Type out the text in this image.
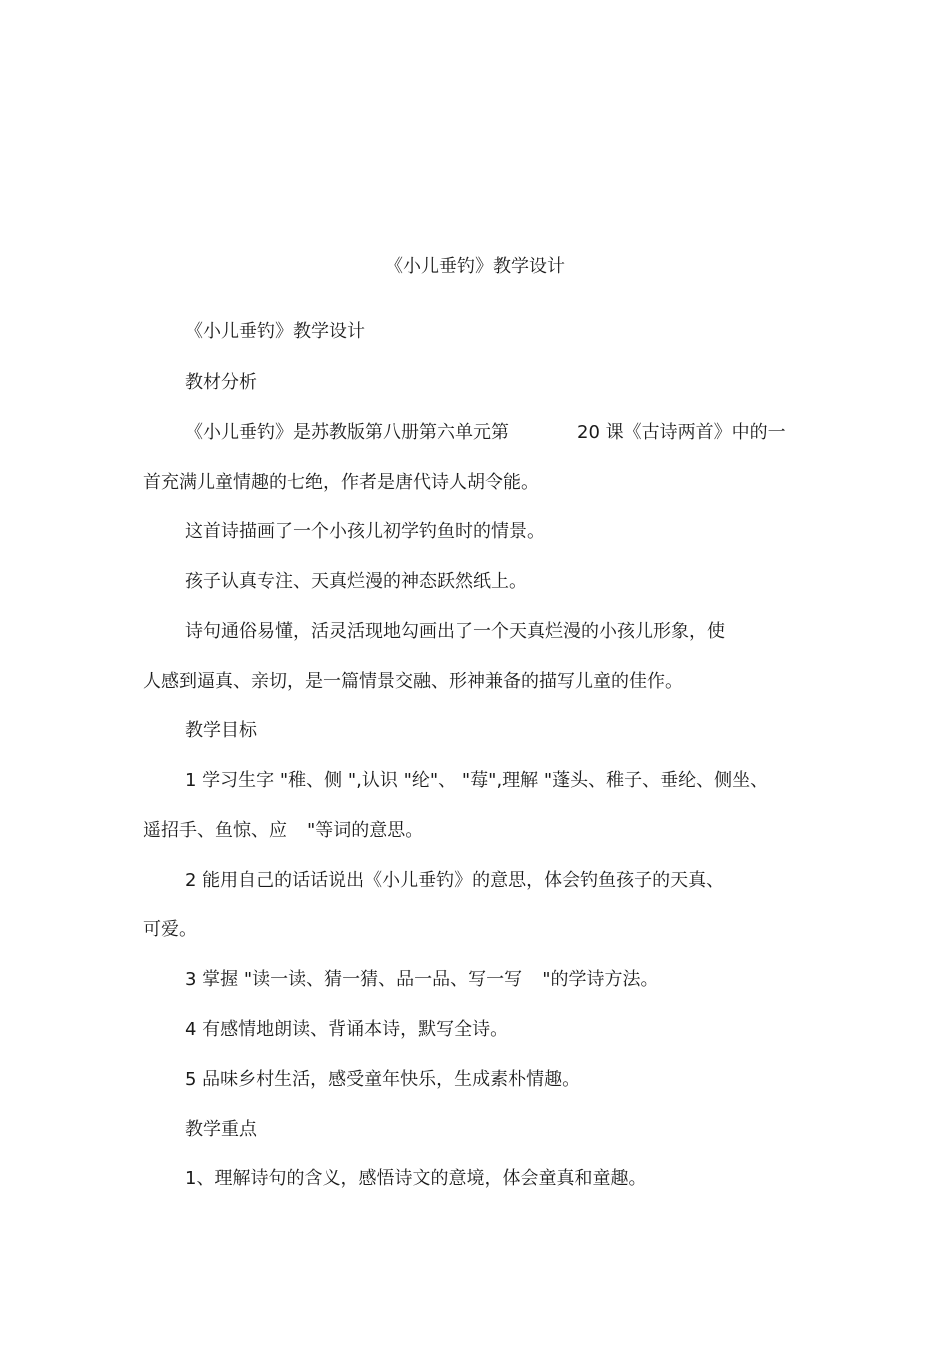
《小儿垂钓》教学设计
《小儿垂钓》教学设计
教材分析
《小儿垂钓》是苏教版第八册第六单元第	20 课《古诗两首》中的一
首充满儿童情趣的七绝，作者是唐代诗人胡令能。
这首诗描画了一个小孩儿初学钓鱼时的情景。
孩子认真专注、天真烂漫的神态跃然纸上。
诗句通俗易懂，活灵活现地勾画出了一个天真烂漫的小孩儿形象，使
人感到逼真、亲切，是一篇情景交融、形神兼备的描写儿童的佳作。
教学目标
1 学习生字 "稚、侧 ",认识 "纶"、 "莓",理解 "蓬头、稚子、垂纶、侧坐、
遥招手、鱼惊、应 "等词的意思。
2 能用自己的话话说出《小儿垂钓》的意思，体会钓鱼孩子的天真、
可爱。
3 掌握 "读一读、猜一猜、品一品、写一写 "的学诗方法。
4 有感情地朗读、背诵本诗，默写全诗。
5 品味乡村生活，感受童年快乐，生成素朴情趣。
教学重点
1、理解诗句的含义，感悟诗文的意境，体会童真和童趣。
